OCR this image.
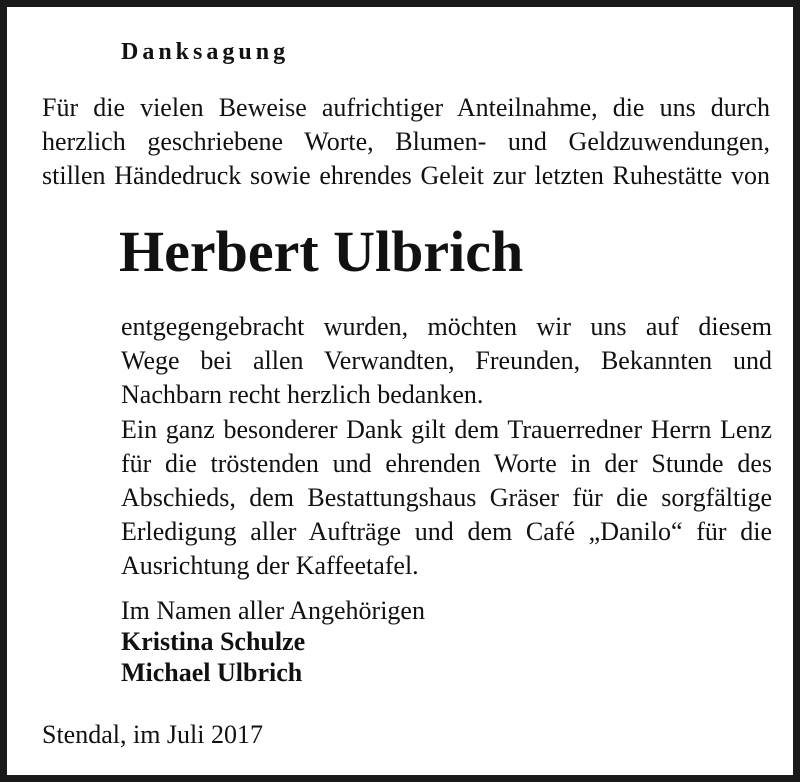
Danksagung
Für die vielen Beweise aufrichtiger Anteilnahme, die uns durch
herzlich geschriebene Worte, Blumen- und Geldzuwendungen,
stillen Händedruck sowie ehrendes Geleit zur letzten Ruhestätte von
Herbert Ulbrich
entgegengebracht wurden, möchten wir uns auf diesem
Wege bei allen Verwandten, Freunden, Bekannten und
Nachbarn recht herzlich bedanken.
Ein ganz besonderer Dank gilt dem Trauerredner Herrn Lenz
für die tröstenden und ehrenden Worte in der Stunde des
Abschieds, dem Bestattungshaus Gräser für die sorgfältige
Erledigung aller Aufträge und dem Café „Danilo“ für die
Ausrichtung der Kaffeetafel.
Im Namen aller Angehörigen
Kristina Schulze
Michael Ulbrich
Stendal, im Juli 2017
